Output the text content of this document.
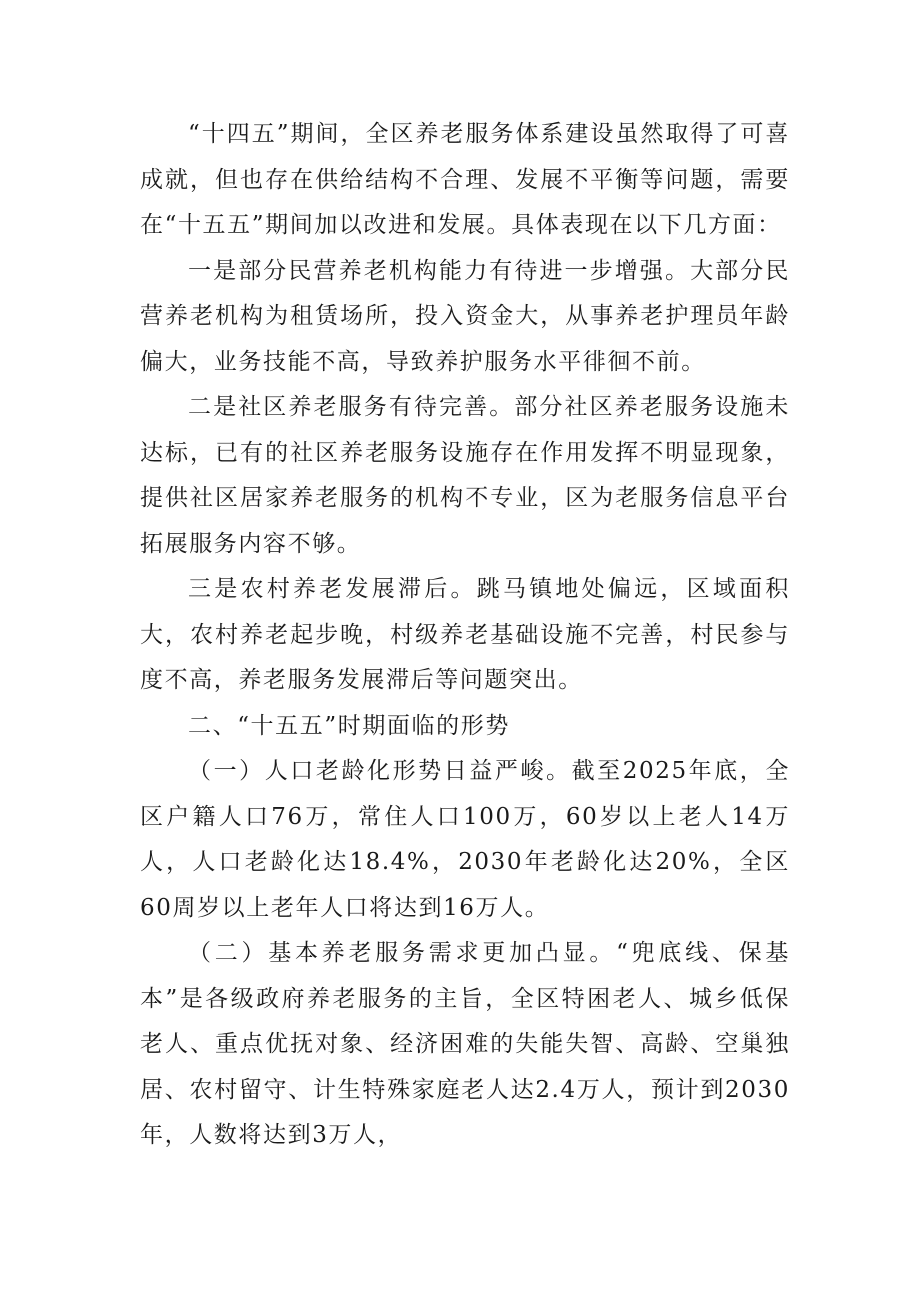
“十四五”期间，全区养老服务体系建设虽然取得了可喜成就，但也存在供给结构不合理、发展不平衡等问题，需要在“十五五”期间加以改进和发展。具体表现在以下几方面：

一是部分民营养老机构能力有待进一步增强。大部分民营养老机构为租赁场所，投入资金大，从事养老护理员年龄偏大，业务技能不高，导致养护服务水平徘徊不前。

二是社区养老服务有待完善。部分社区养老服务设施未达标，已有的社区养老服务设施存在作用发挥不明显现象，提供社区居家养老服务的机构不专业，区为老服务信息平台拓展服务内容不够。

三是农村养老发展滞后。跳马镇地处偏远，区域面积大，农村养老起步晚，村级养老基础设施不完善，村民参与度不高，养老服务发展滞后等问题突出。

二、“十五五”时期面临的形势

（一）人口老龄化形势日益严峻。截至2025年底，全区户籍人口76万，常住人口100万，60岁以上老人14万人，人口老龄化达18.4%，2030年老龄化达20%，全区60周岁以上老年人口将达到16万人。

（二）基本养老服务需求更加凸显。“兜底线、保基本”是各级政府养老服务的主旨，全区特困老人、城乡低保老人、重点优抚对象、经济困难的失能失智、高龄、空巢独居、农村留守、计生特殊家庭老人达2.4万人，预计到2030年，人数将达到3万人，
